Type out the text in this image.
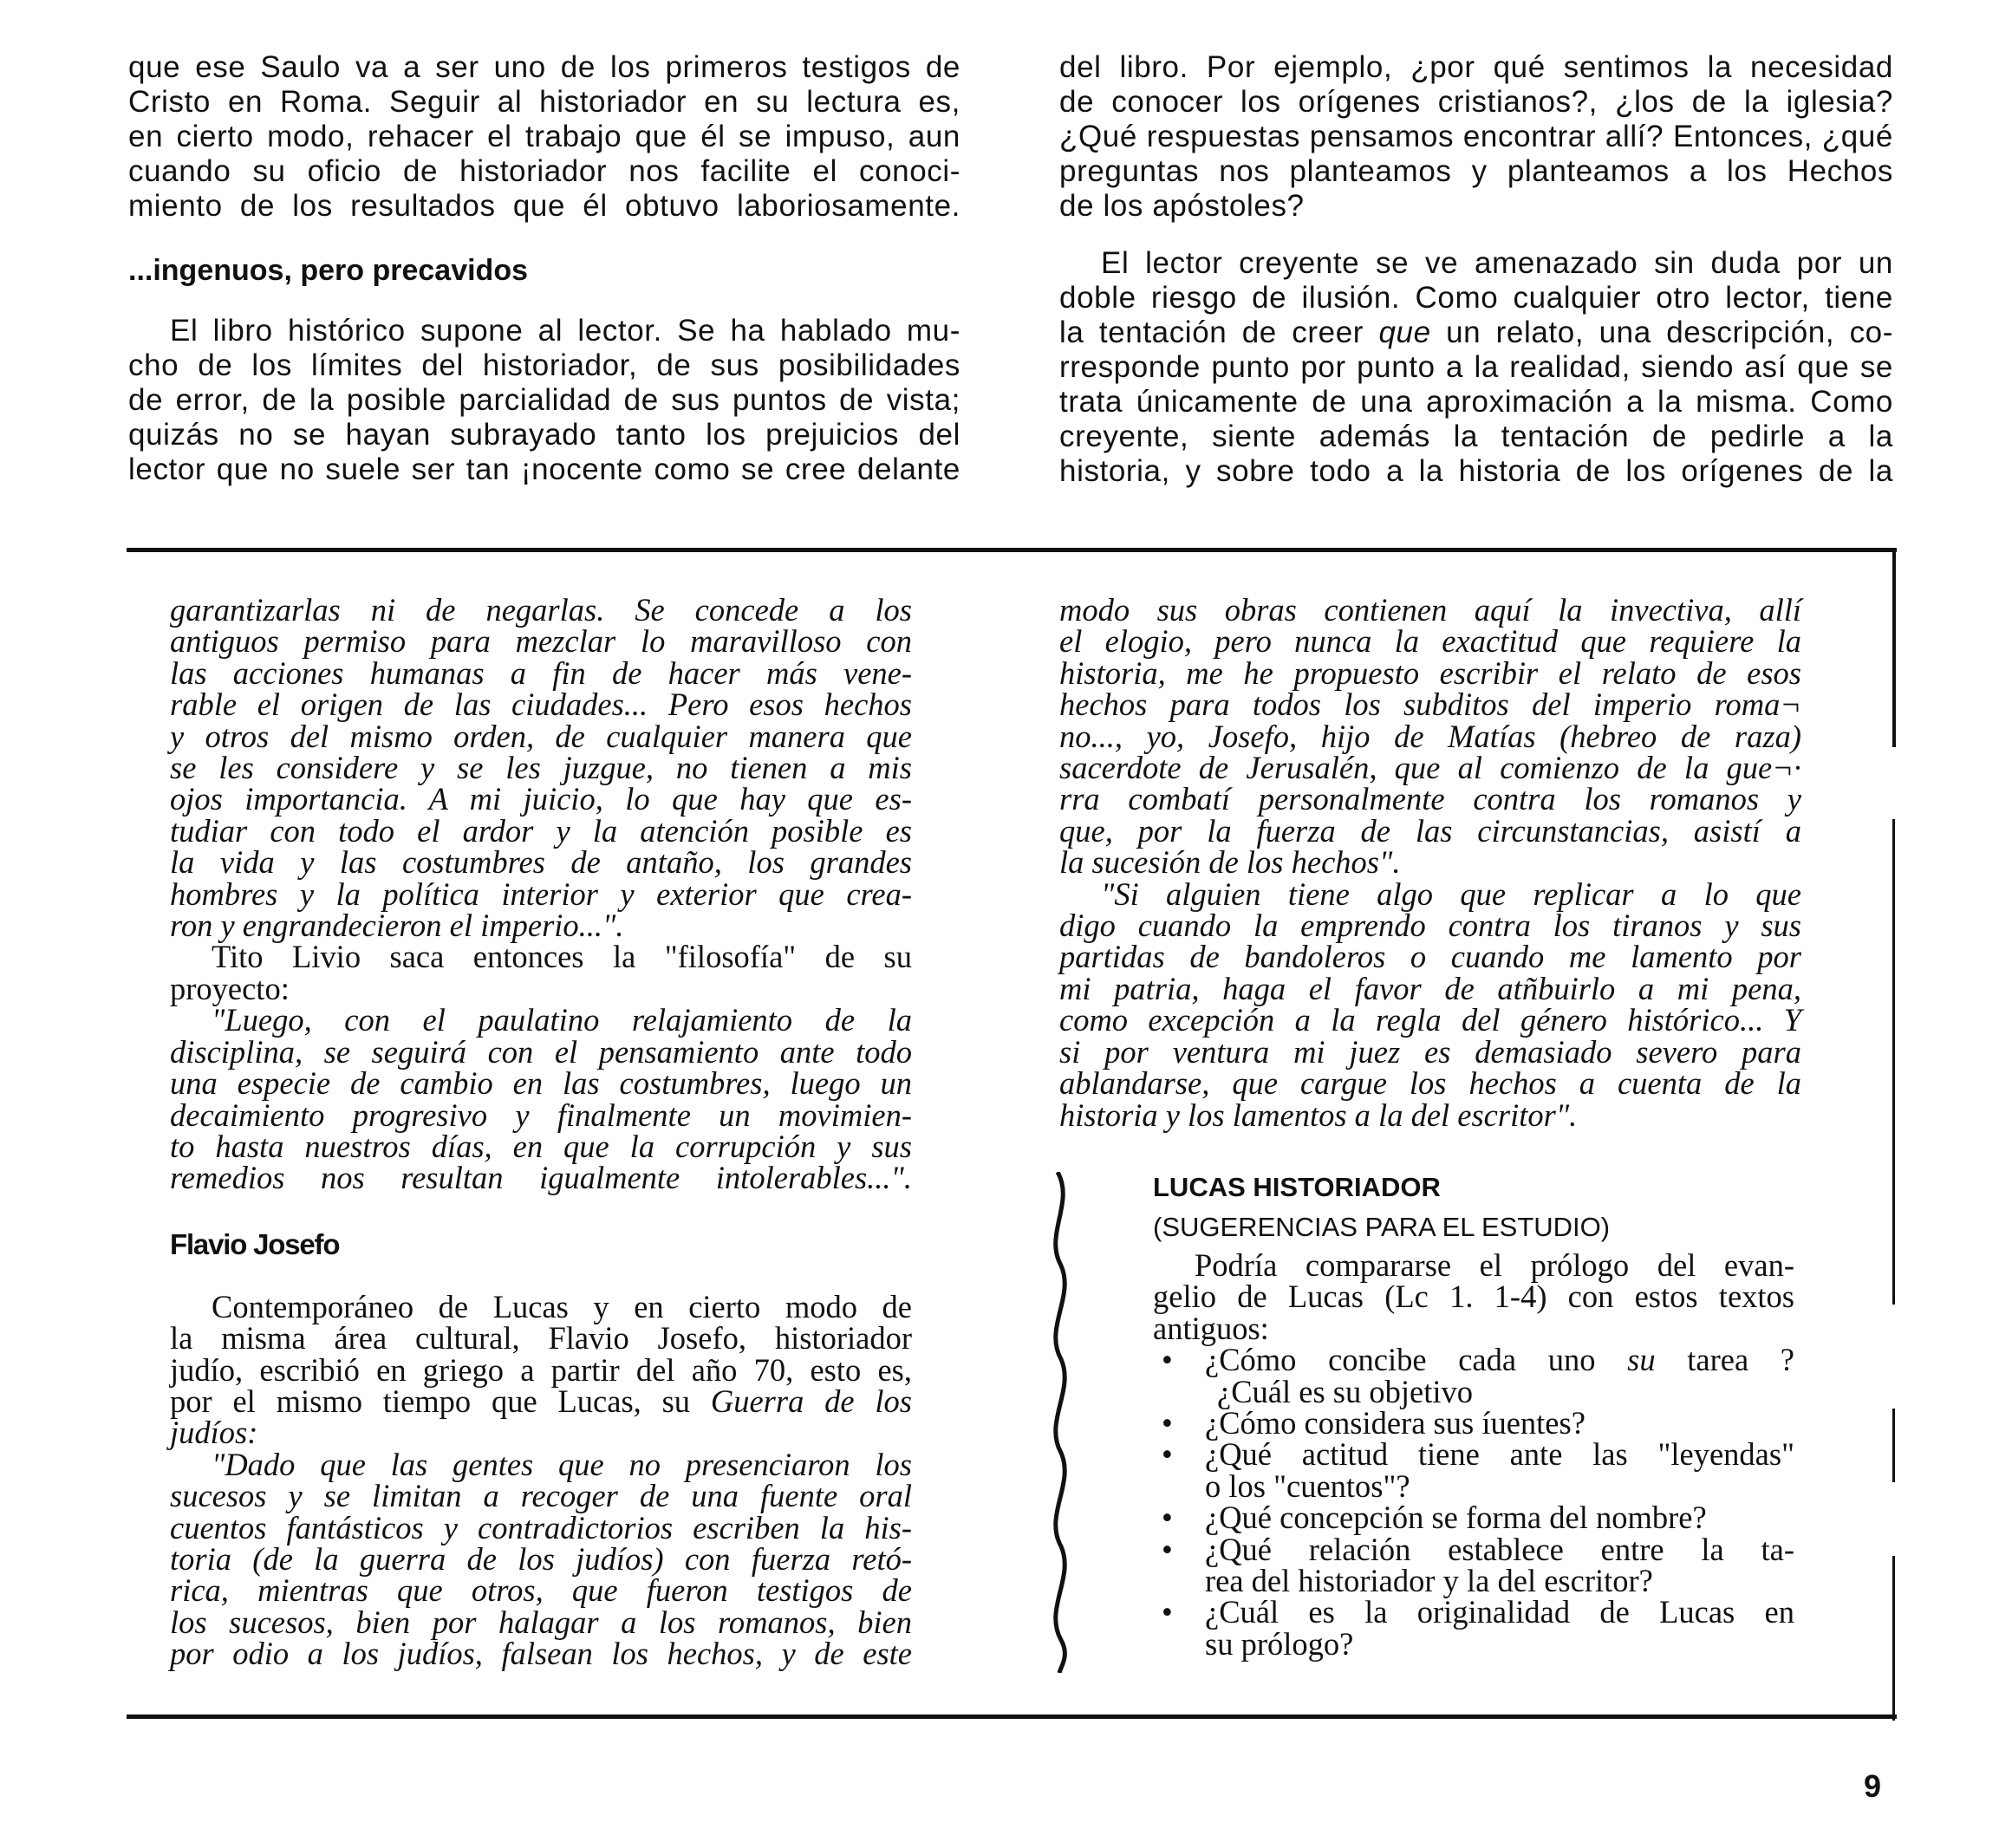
que ese Saulo va a ser uno de los primeros testigos de

Cristo en Roma. Seguir al historiador en su lectura es,

en cierto modo, rehacer el trabajo que él se impuso, aun

cuando su oficio de historiador nos facilite el conoci-

miento de los resultados que él obtuvo laboriosamente.

...ingenuos, pero precavidos

El libro histórico supone al lector. Se ha hablado mu-

cho de los límites del historiador, de sus posibilidades

de error, de la posible parcialidad de sus puntos de vista;

quizás no se hayan subrayado tanto los prejuicios del

lector que no suele ser tan ¡nocente como se cree delante

del libro. Por ejemplo, ¿por qué sentimos la necesidad

de conocer los orígenes cristianos?, ¿los de la iglesia?

¿Qué respuestas pensamos encontrar allí? Entonces, ¿qué

preguntas nos planteamos y planteamos a los Hechos

de los apóstoles?

El lector creyente se ve amenazado sin duda por un

doble riesgo de ilusión. Como cualquier otro lector, tiene

la tentación de creer que un relato, una descripción, co-

rresponde punto por punto a la realidad, siendo así que se

trata únicamente de una aproximación a la misma. Como

creyente, siente además la tentación de pedirle a la

historia, y sobre todo a la historia de los orígenes de la

garantizarlas ni de negarlas. Se concede a los

antiguos permiso para mezclar lo maravilloso con

las acciones humanas a fin de hacer más vene-

rable el origen de las ciudades... Pero esos hechos

y otros del mismo orden, de cualquier manera que

se les considere y se les juzgue, no tienen a mis

ojos importancia. A mi juicio, lo que hay que es-

tudiar con todo el ardor y la atención posible es

la vida y las costumbres de antaño, los grandes

hombres y la política interior y exterior que crea-

ron y engrandecieron el imperio...".

Tito Livio saca entonces la "filosofía" de su

proyecto:

"Luego, con el paulatino relajamiento de la

disciplina, se seguirá con el pensamiento ante todo

una especie de cambio en las costumbres, luego un

decaimiento progresivo y finalmente un movimien-

to hasta nuestros días, en que la corrupción y sus

remedios nos resultan igualmente intolerables...".

Flavio Josefo

Contemporáneo de Lucas y en cierto modo de

la misma área cultural, Flavio Josefo, historiador

judío, escribió en griego a partir del año 70, esto es,

por el mismo tiempo que Lucas, su Guerra de los

judíos:

"Dado que las gentes que no presenciaron los

sucesos y se limitan a recoger de una fuente oral

cuentos fantásticos y contradictorios escriben la his-

toria (de la guerra de los judíos) con fuerza retó-

rica, mientras que otros, que fueron testigos de

los sucesos, bien por halagar a los romanos, bien

por odio a los judíos, falsean los hechos, y de este

modo sus obras contienen aquí la invectiva, allí

el elogio, pero nunca la exactitud que requiere la

historia, me he propuesto escribir el relato de esos

hechos para todos los subditos del imperio roma¬

no..., yo, Josefo, hijo de Matías (hebreo de raza)

sacerdote de Jerusalén, que al comienzo de la gue¬·

rra combatí personalmente contra los romanos y

que, por la fuerza de las circunstancias, asistí a

la sucesión de los hechos".

"Si alguien tiene algo que replicar a lo que

digo cuando la emprendo contra los tiranos y sus

partidas de bandoleros o cuando me lamento por

mi patria, haga el favor de atñbuirlo a mi pena,

como excepción a la regla del género histórico... Y

si por ventura mi juez es demasiado severo para

ablandarse, que cargue los hechos a cuenta de la

historia y los lamentos a la del escritor".

LUCAS HISTORIADOR

(SUGERENCIAS PARA EL ESTUDIO)

Podría compararse el prólogo del evan-

gelio de Lucas (Lc 1. 1-4) con estos textos

antiguos:

• ¿Cómo concibe cada uno su tarea ?
¿Cuál es su objetivo
• ¿Cómo considera sus íuentes?
• ¿Qué actitud tiene ante las "leyendas"
o los "cuentos"?
• ¿Qué concepción se forma del nombre?
• ¿Qué relación establece entre la ta-
rea del historiador y la del escritor?
• ¿Cuál es la originalidad de Lucas en
su prólogo?
9
